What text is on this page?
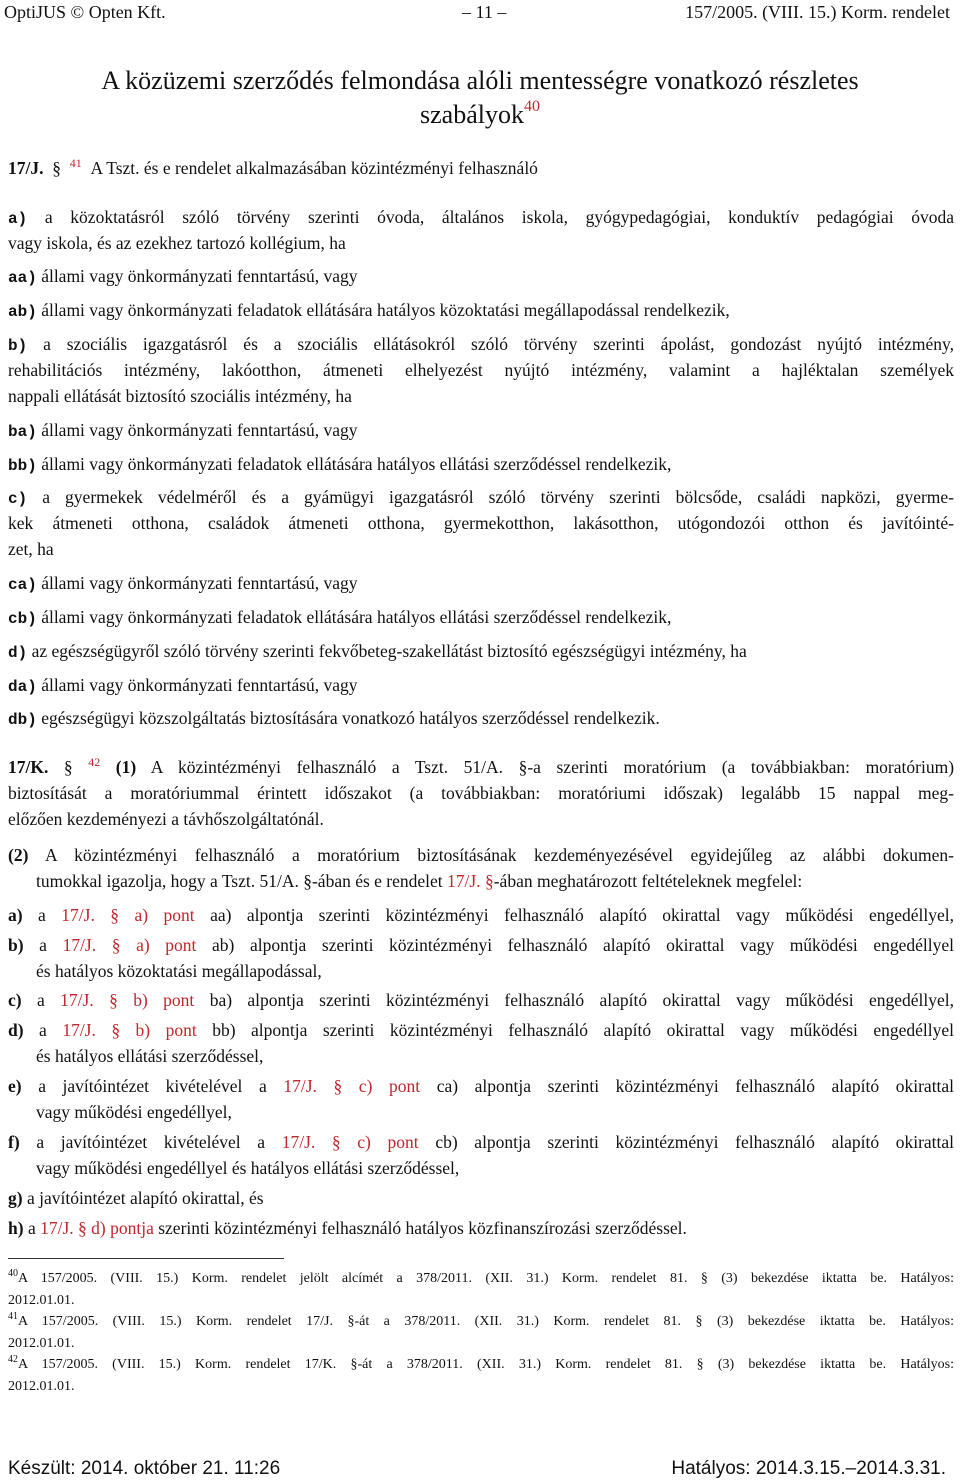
OptiJUS © Opten Kft.	– 11 –	157/2005. (VIII. 15.) Korm. rendelet
A közüzemi szerződés felmondása alóli mentességre vonatkozó részletes
szabályok$^{40}$
17/J. § $^{41}$ A Tszt. és e rendelet alkalmazásában közintézményi felhasználó
a) a közoktatásról szóló törvény szerinti óvoda, általános iskola, gyógypedagógiai, konduktív pedagógiai óvoda
vagy iskola, és az ezekhez tartozó kollégium, ha
aa) állami vagy önkormányzati fenntartású, vagy
ab) állami vagy önkormányzati feladatok ellátására hatályos közoktatási megállapodással rendelkezik,
b) a szociális igazgatásról és a szociális ellátásokról szóló törvény szerinti ápolást, gondozást nyújtó intézmény,
rehabilitációs intézmény, lakóotthon, átmeneti elhelyezést nyújtó intézmény, valamint a hajléktalan személyek
nappali ellátását biztosító szociális intézmény, ha
ba) állami vagy önkormányzati fenntartású, vagy
bb) állami vagy önkormányzati feladatok ellátására hatályos ellátási szerződéssel rendelkezik,
c) a gyermekek védelméről és a gyámügyi igazgatásról szóló törvény szerinti bölcsőde, családi napközi, gyerme-
kek átmeneti otthona, családok átmeneti otthona, gyermekotthon, lakásotthon, utógondozói otthon és javítóinté-
zet, ha
ca) állami vagy önkormányzati fenntartású, vagy
cb) állami vagy önkormányzati feladatok ellátására hatályos ellátási szerződéssel rendelkezik,
d) az egészségügyről szóló törvény szerinti fekvőbeteg-szakellátást biztosító egészségügyi intézmény, ha
da) állami vagy önkormányzati fenntartású, vagy
db) egészségügyi közszolgáltatás biztosítására vonatkozó hatályos szerződéssel rendelkezik.
17/K. § $^{42}$ (1) A közintézményi felhasználó a Tszt. 51/A. §-a szerinti moratórium (a továbbiakban: moratórium)
biztosítását a moratóriummal érintett időszakot (a továbbiakban: moratóriumi időszak) legalább 15 nappal meg-
előzően kezdeményezi a távhőszolgáltatónál.
(2) A közintézményi felhasználó a moratórium biztosításának kezdeményezésével egyidejűleg az alábbi dokumen-
tumokkal igazolja, hogy a Tszt. 51/A. §-ában és e rendelet 17/J. §-ában meghatározott feltételeknek megfelel:
a) a 17/J. § a) pont aa) alpontja szerinti közintézményi felhasználó alapító okirattal vagy működési engedéllyel,
b) a 17/J. § a) pont ab) alpontja szerinti közintézményi felhasználó alapító okirattal vagy működési engedéllyel
és hatályos közoktatási megállapodással,
c) a 17/J. § b) pont ba) alpontja szerinti közintézményi felhasználó alapító okirattal vagy működési engedéllyel,
d) a 17/J. § b) pont bb) alpontja szerinti közintézményi felhasználó alapító okirattal vagy működési engedéllyel
és hatályos ellátási szerződéssel,
e) a javítóintézet kivételével a 17/J. § c) pont ca) alpontja szerinti közintézményi felhasználó alapító okirattal
vagy működési engedéllyel,
f) a javítóintézet kivételével a 17/J. § c) pont cb) alpontja szerinti közintézményi felhasználó alapító okirattal
vagy működési engedéllyel és hatályos ellátási szerződéssel,
g) a javítóintézet alapító okirattal, és
h) a 17/J. § d) pontja szerinti közintézményi felhasználó hatályos közfinanszírozási szerződéssel.
$^{40}$A 157/2005. (VIII. 15.) Korm. rendelet jelölt alcímét a 378/2011. (XII. 31.) Korm. rendelet 81. § (3) bekezdése iktatta be. Hatályos:
2012.01.01.
$^{41}$A 157/2005. (VIII. 15.) Korm. rendelet 17/J. §-át a 378/2011. (XII. 31.) Korm. rendelet 81. § (3) bekezdése iktatta be. Hatályos:
2012.01.01.
$^{42}$A 157/2005. (VIII. 15.) Korm. rendelet 17/K. §-át a 378/2011. (XII. 31.) Korm. rendelet 81. § (3) bekezdése iktatta be. Hatályos:
2012.01.01.
Készült: 2014. október 21. 11:26	Hatályos: 2014.3.15.–2014.3.31.
